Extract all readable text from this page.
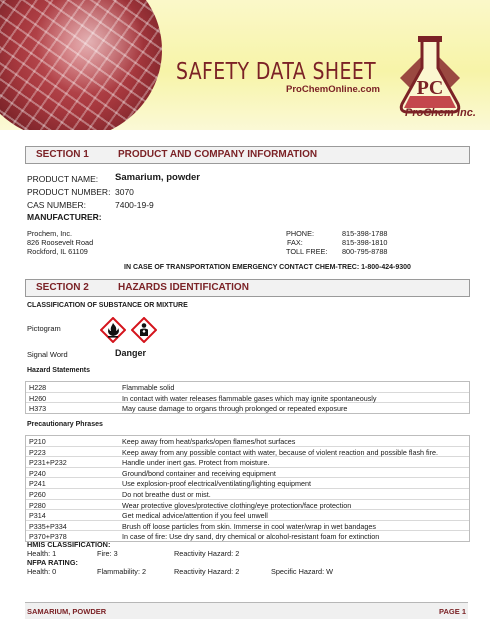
SAFETY DATA SHEET
ProChemOnline.com PC
ProChem inc.
SECTION 1	PRODUCT AND COMPANY INFORMATION
PRODUCT NAME: Samarium, powder
PRODUCT NUMBER: 3070
CAS NUMBER:	7400-19-9
MANUFACTURER:
Prochem, Inc.
826 Roosevelt Road
Rockford, IL 61109
PHONE:	815-398-1788
FAX:	815-398-1810
TOLL FREE: 800-795-8788
IN CASE OF TRANSPORTATION EMERGENCY CONTACT CHEM-TREC: 1-800-424-9300
SECTION 2	HAZARDS IDENTIFICATION
CLASSIFICATION OF SUBSTANCE OR MIXTURE
Pictogram
Signal Word	Danger
Hazard Statements
H228	Flammable solid
H260	In contact with water releases flammable gases which may ignite spontaneously
H373	May cause damage to organs through prolonged or repeated exposure
Precautionary Phrases
P210	Keep away from heat/sparks/open flames/hot surfaces
P223	Keep away from any possible contact with water, because of violent reaction and possible flash fire.
P231+P232	Handle under inert gas. Protect from moisture.
P240	Ground/bond container and receiving equipment
P241	Use explosion-proof electrical/ventilating/lighting equipment
P260	Do not breathe dust or mist.
P280	Wear protective gloves/protective clothing/eye protection/face protection
P314	Get medical advice/attention if you feel unwell
P335+P334	Brush off loose particles from skin. Immerse in cool water/wrap in wet bandages
P370+P378	In case of fire: Use dry sand, dry chemical or alcohol-resistant foam for extinction
HMIS CLASSIFICATION:
Health: 1	Fire: 3	Reactivity Hazard: 2
NFPA RATING:
Health: 0	Flammability: 2	Reactivity Hazard: 2	Specific Hazard: W
SAMARIUM, POWDER	PAGE 1
